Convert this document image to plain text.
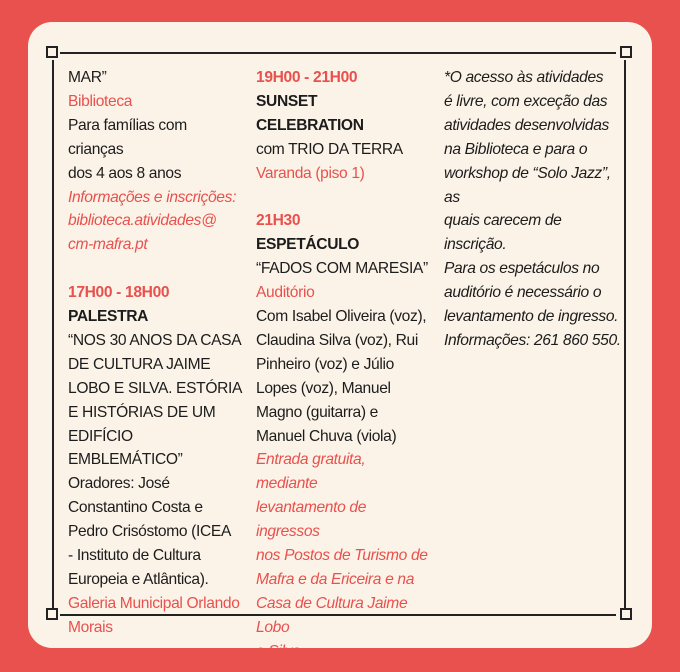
MAR”
Biblioteca
Para famílias com crianças
dos 4 aos 8 anos
Informações e inscrições:
biblioteca.atividades@
cm-mafra.pt
17H00 - 18H00
PALESTRA
“NOS 30 ANOS DA CASA
DE CULTURA JAIME
LOBO E SILVA. ESTÓRIA
E HISTÓRIAS DE UM
EDIFÍCIO EMBLEMÁTICO”
Oradores: José
Constantino Costa e
Pedro Crisóstomo (ICEA
- Instituto de Cultura
Europeia e Atlântica).
Galeria Municipal Orlando
Morais
19H00 - 21H00
SUNSET CELEBRATION
com TRIO DA TERRA
Varanda (piso 1)
21H30
ESPETÁCULO
“FADOS COM MARESIA”
Auditório
Com Isabel Oliveira (voz),
Claudina Silva (voz), Rui
Pinheiro (voz) e Júlio
Lopes (voz), Manuel
Magno (guitarra) e
Manuel Chuva (viola)
Entrada gratuita, mediante
levantamento de ingressos
nos Postos de Turismo de
Mafra e da Ericeira e na
Casa de Cultura Jaime Lobo
e Silva.
*O acesso às atividades
é livre, com exceção das
atividades desenvolvidas
na Biblioteca e para o
workshop de “Solo Jazz”, as
quais carecem de inscrição.
Para os espetáculos no
auditório é necessário o
levantamento de ingresso.
Informações: 261 860 550.
